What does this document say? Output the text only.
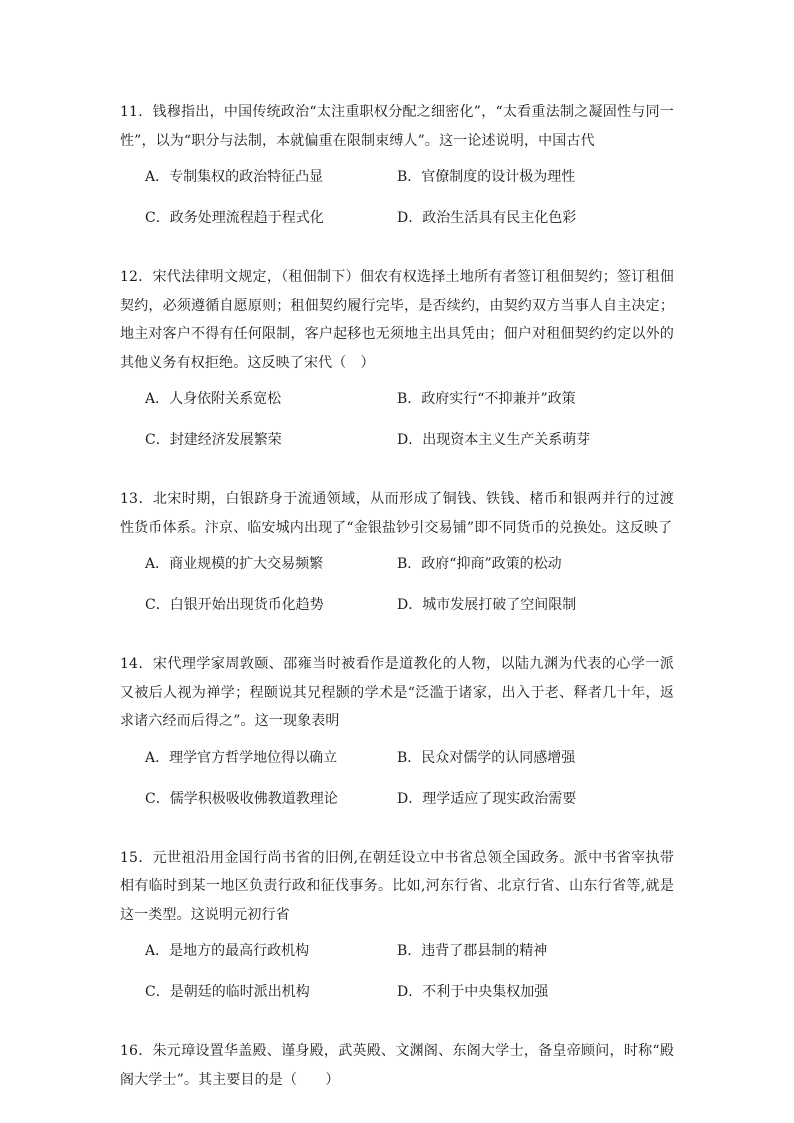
11．钱穆指出，中国传统政治“太注重职权分配之细密化”，“太看重法制之凝固性与同一性”，以为“职分与法制，本就偏重在限制束缚人”。这一论述说明，中国古代
A．专制集权的政治特征凸显	B．官僚制度的设计极为理性
C．政务处理流程趋于程式化	D．政治生活具有民主化色彩
12．宋代法律明文规定，（租佃制下）佃农有权选择土地所有者签订租佃契约；签订租佃契约，必须遵循自愿原则；租佃契约履行完毕，是否续约，由契约双方当事人自主决定；地主对客户不得有任何限制，客户起移也无须地主出具凭由；佃户对租佃契约约定以外的其他义务有权拒绝。这反映了宋代（　）
A．人身依附关系宽松	B．政府实行“不抑兼并”政策
C．封建经济发展繁荣	D．出现资本主义生产关系萌芽
13．北宋时期，白银跻身于流通领域，从而形成了铜钱、铁钱、楮币和银两并行的过渡性货币体系。汴京、临安城内出现了“金银盐钞引交易铺”即不同货币的兑换处。这反映了
A．商业规模的扩大交易频繁	B．政府“抑商”政策的松动
C．白银开始出现货币化趋势	D．城市发展打破了空间限制
14．宋代理学家周敦颐、邵雍当时被看作是道教化的人物，以陆九渊为代表的心学一派又被后人视为禅学；程颐说其兄程颢的学术是“泛滥于诸家，出入于老、释者几十年，返求诸六经而后得之”。这一现象表明
A．理学官方哲学地位得以确立	B．民众对儒学的认同感增强
C．儒学积极吸收佛教道教理论	D．理学适应了现实政治需要
15．元世祖沿用金国行尚书省的旧例,在朝廷设立中书省总领全国政务。派中书省宰执带相有临时到某一地区负责行政和征伐事务。比如,河东行省、北京行省、山东行省等,就是这一类型。这说明元初行省
A．是地方的最高行政机构	B．违背了郡县制的精神
C．是朝廷的临时派出机构	D．不利于中央集权加强
16．朱元璋设置华盖殿、谨身殿，武英殿、文渊阁、东阁大学士，备皇帝顾问，时称“殿阁大学士”。其主要目的是（　　）
